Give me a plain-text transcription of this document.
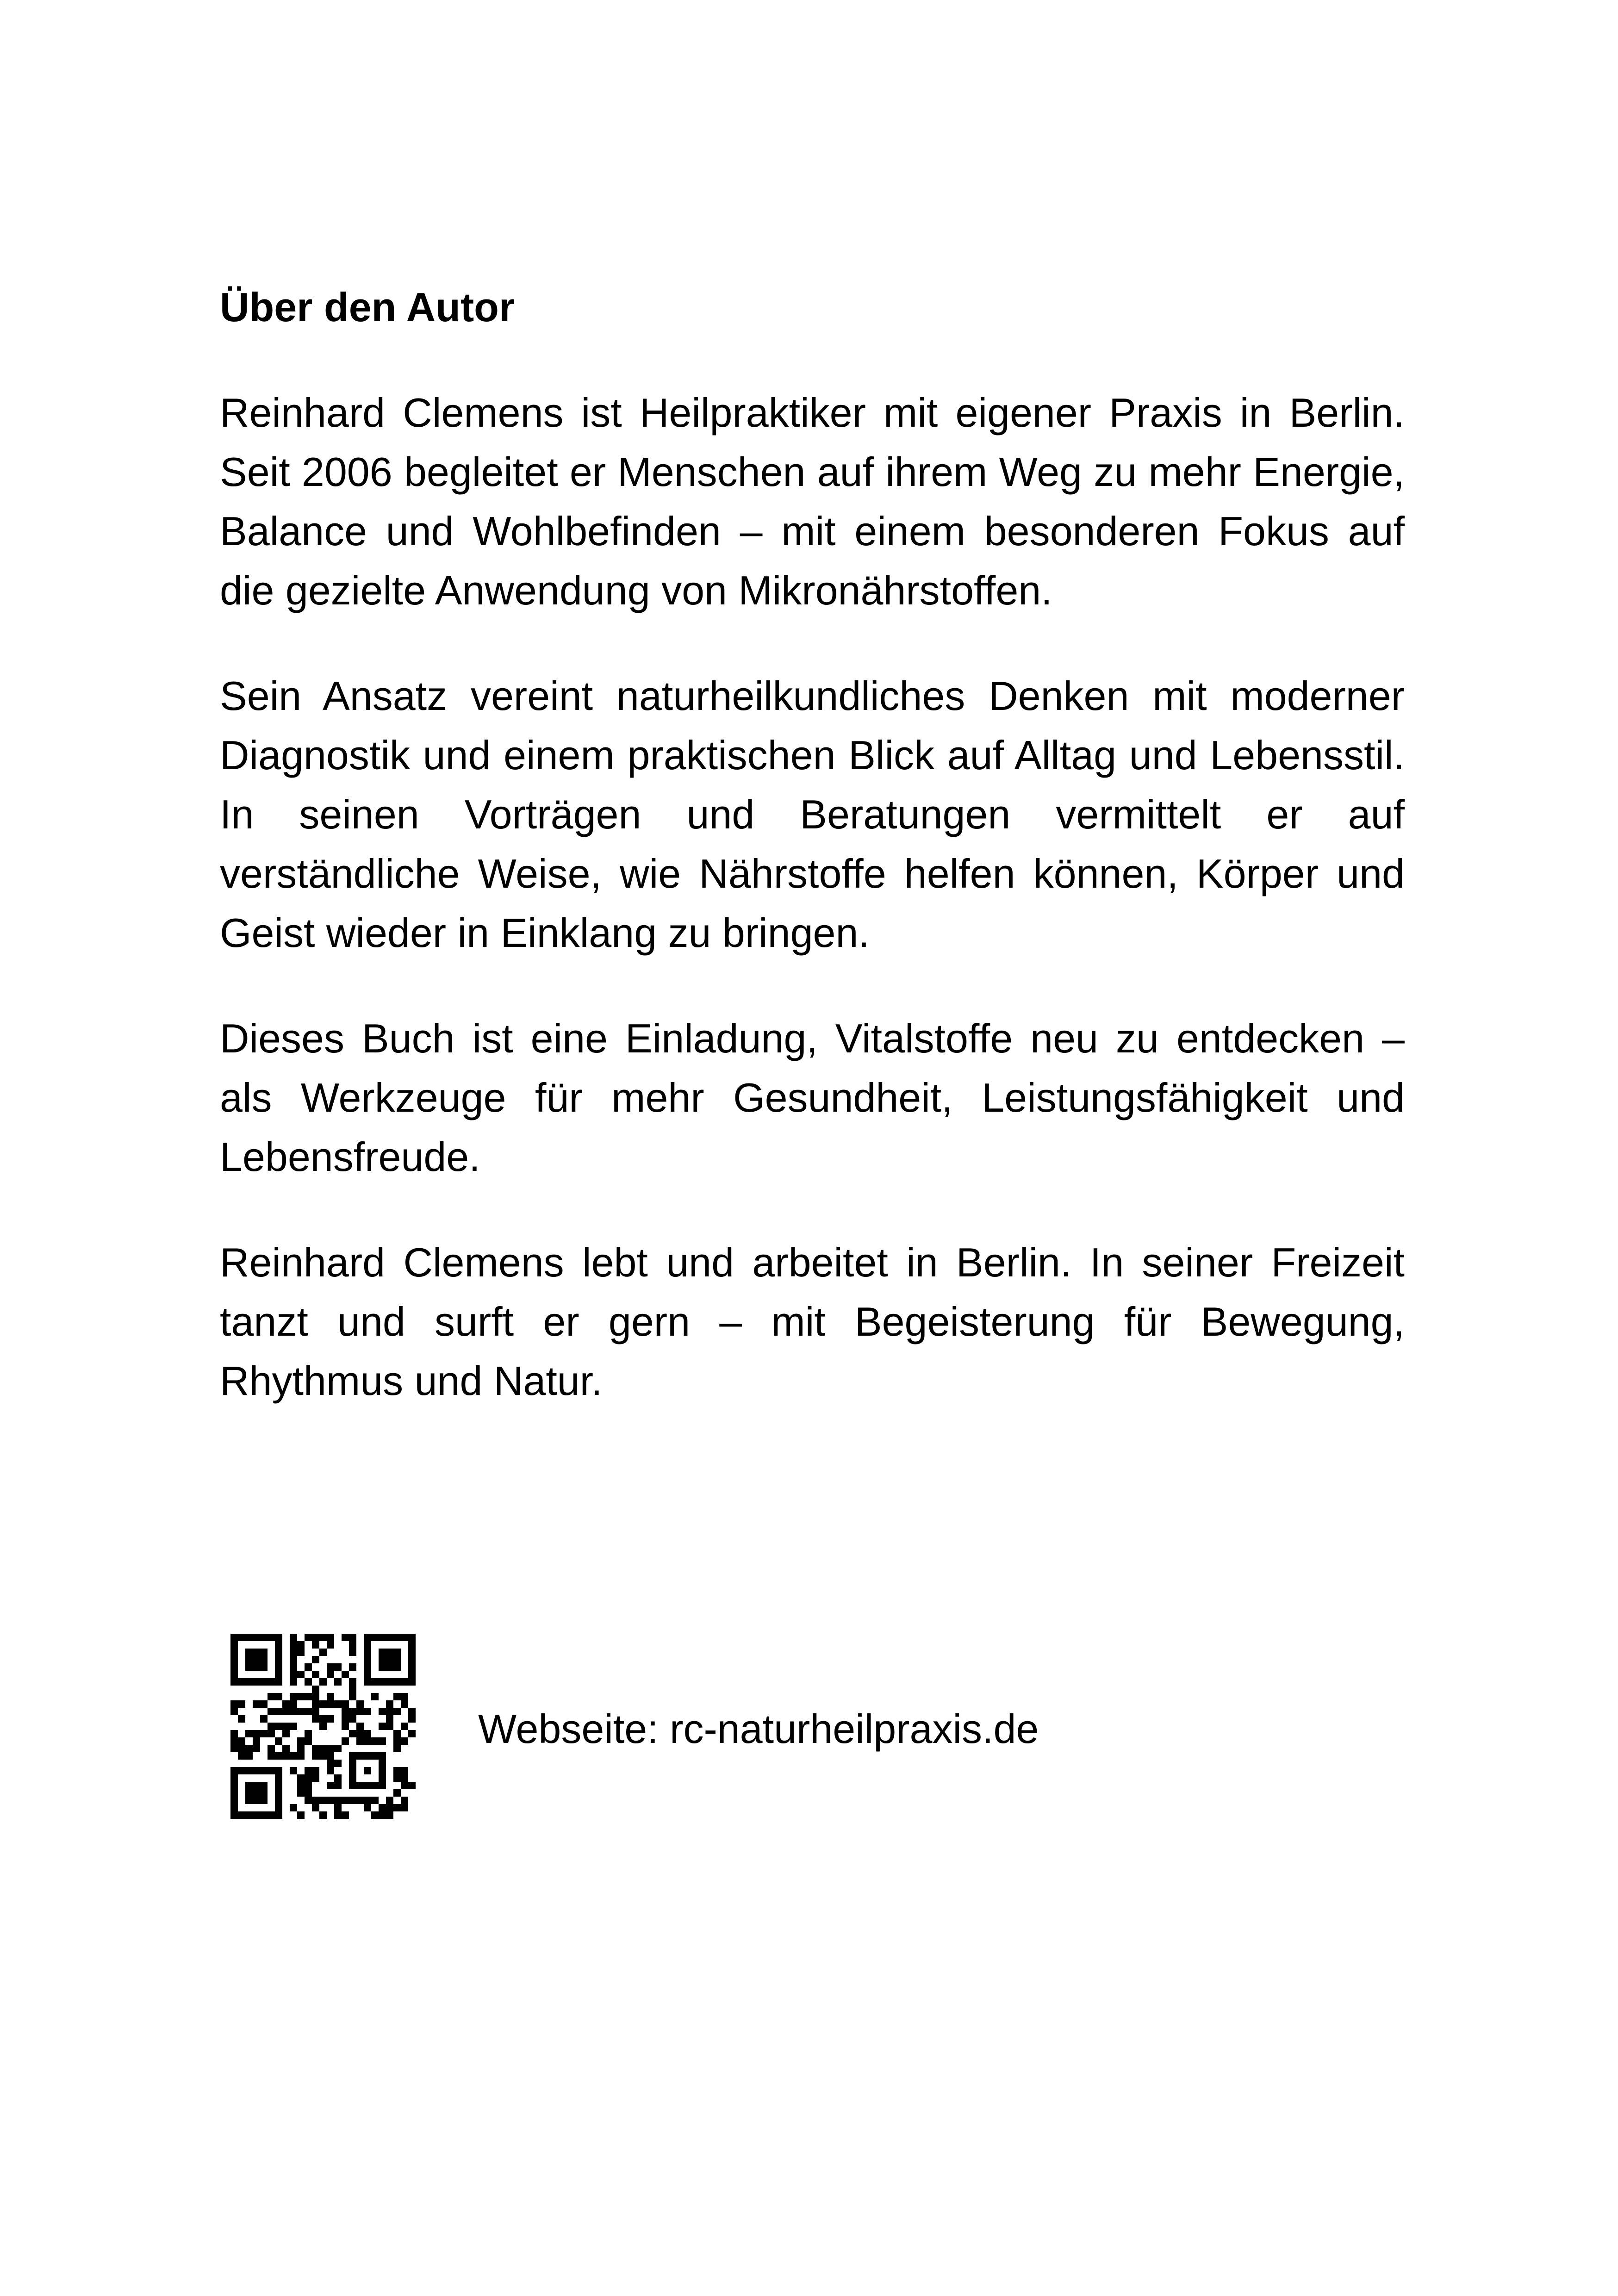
Über den Autor

Reinhard Clemens ist Heilpraktiker mit eigener Praxis in Berlin. Seit 2006 begleitet er Menschen auf ihrem Weg zu mehr Energie, Balance und Wohlbefinden – mit einem besonderen Fokus auf die gezielte Anwendung von Mikronährstoffen.

Sein Ansatz vereint naturheilkundliches Denken mit moderner Diagnostik und einem praktischen Blick auf Alltag und Lebensstil. In seinen Vorträgen und Beratungen vermittelt er auf verständliche Weise, wie Nährstoffe helfen können, Körper und Geist wieder in Einklang zu bringen.

Dieses Buch ist eine Einladung, Vitalstoffe neu zu entdecken – als Werkzeuge für mehr Gesundheit, Leistungsfähigkeit und Lebensfreude.

Reinhard Clemens lebt und arbeitet in Berlin. In seiner Freizeit tanzt und surft er gern – mit Begeisterung für Bewegung, Rhythmus und Natur.

Webseite: rc-naturheilpraxis.de
